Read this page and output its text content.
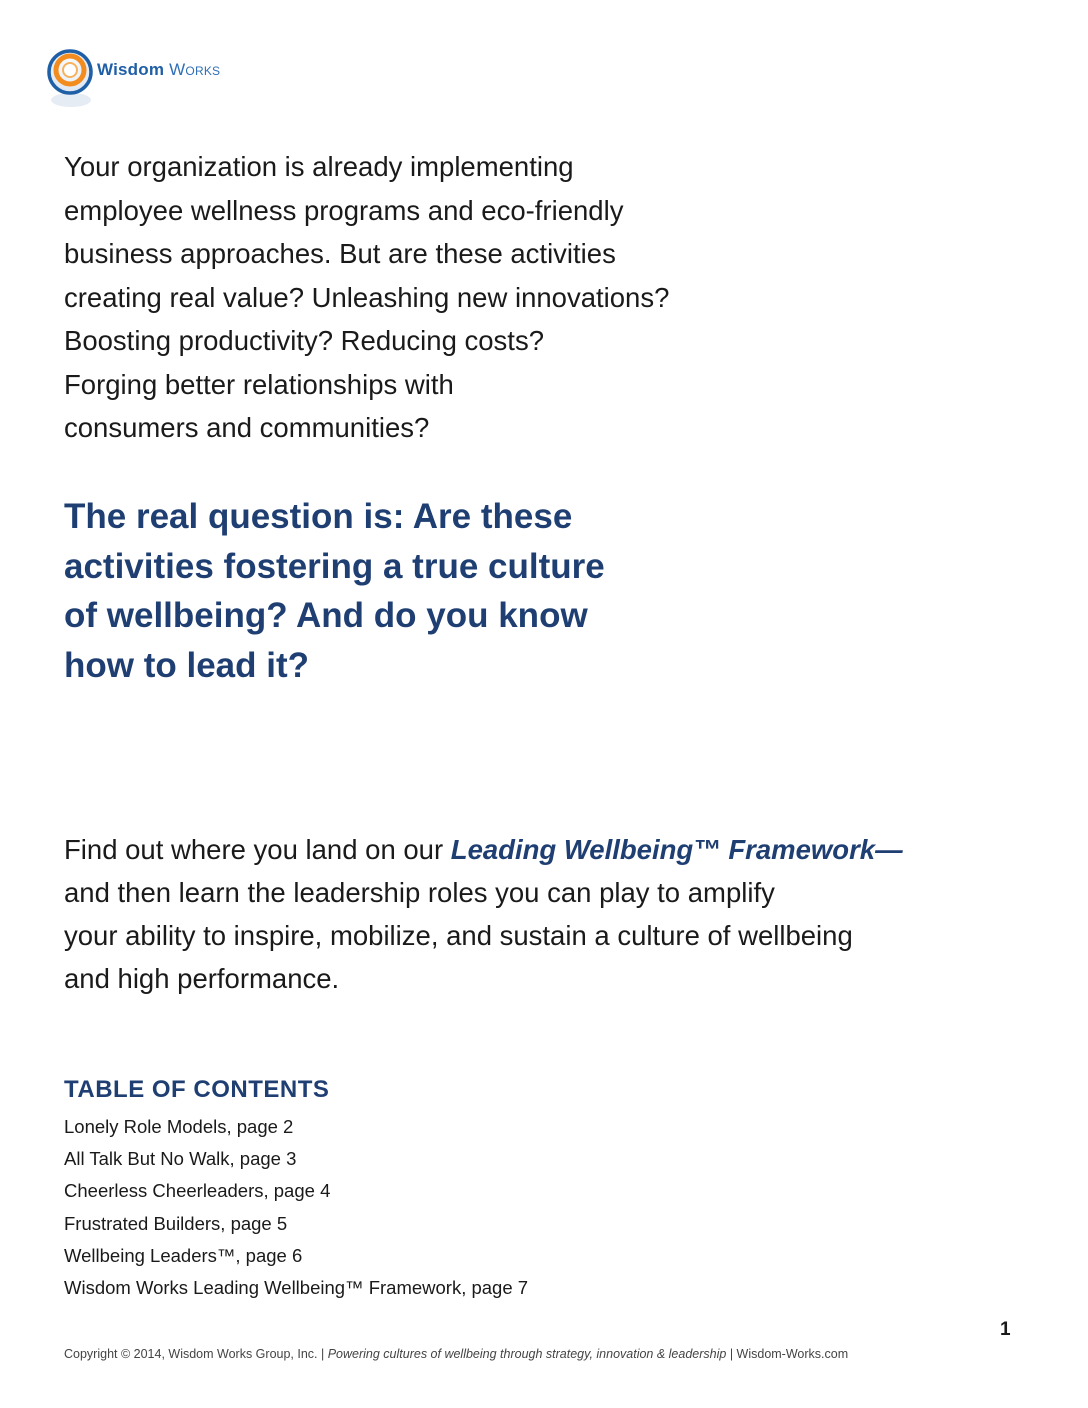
Wisdom Works

Your organization is already implementing
employee wellness programs and eco-friendly
business approaches. But are these activities
creating real value? Unleashing new innovations?
Boosting productivity? Reducing costs?
Forging better relationships with
consumers and communities?

The real question is: Are these
activities fostering a true culture
of wellbeing? And do you know
how to lead it?

Find out where you land on our Leading Wellbeing™ Framework—
and then learn the leadership roles you can play to amplify
your ability to inspire, mobilize, and sustain a culture of wellbeing
and high performance.

TABLE OF CONTENTS
Lonely Role Models, page 2
All Talk But No Walk, page 3
Cheerless Cheerleaders, page 4
Frustrated Builders, page 5
Wellbeing Leaders™, page 6
Wisdom Works Leading Wellbeing™ Framework, page 7
1
Copyright © 2014, Wisdom Works Group, Inc. | Powering cultures of wellbeing through strategy, innovation & leadership | Wisdom-Works.com
